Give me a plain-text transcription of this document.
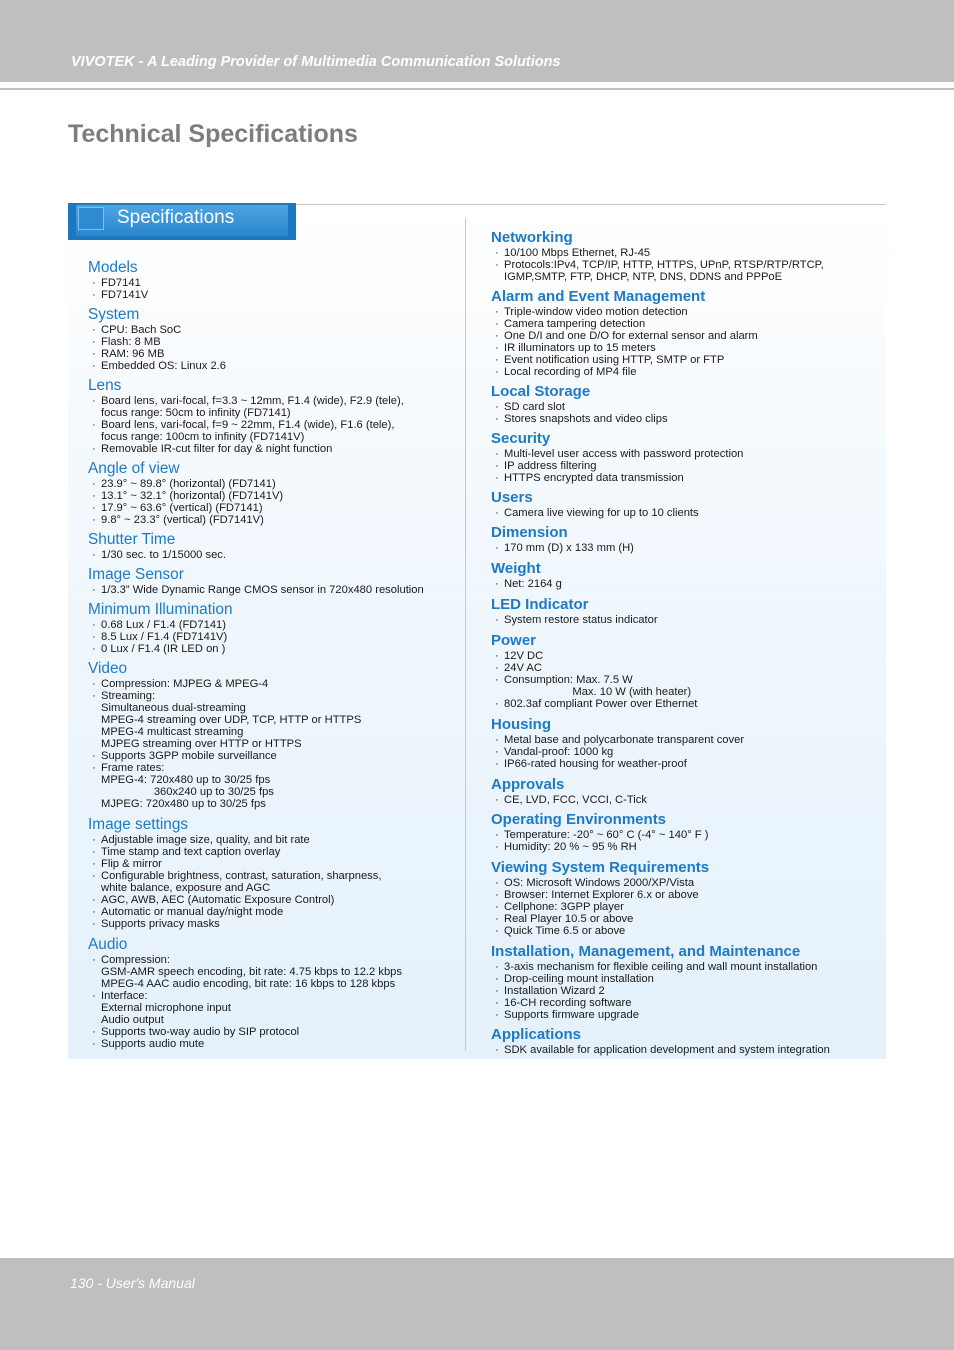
VIVOTEK - A Leading Provider of Multimedia Communication Solutions
Technical Specifications
Specifications
Models
· FD7141
· FD7141V
System
· CPU: Bach SoC
· Flash: 8 MB
· RAM: 96 MB
· Embedded OS: Linux 2.6
Lens
· Board lens, vari-focal, f=3.3 ~ 12mm, F1.4 (wide), F2.9 (tele),
focus range: 50cm to infinity (FD7141)
· Board lens, vari-focal, f=9 ~ 22mm, F1.4 (wide), F1.6 (tele),
focus range: 100cm to infinity (FD7141V)
· Removable IR-cut filter for day & night function
Angle of view
· 23.9° ~ 89.8° (horizontal) (FD7141)
· 13.1° ~ 32.1° (horizontal) (FD7141V)
· 17.9° ~ 63.6° (vertical) (FD7141)
· 9.8° ~ 23.3° (vertical) (FD7141V)
Shutter Time
· 1/30 sec. to 1/15000 sec.
Image Sensor
· 1/3.3” Wide Dynamic Range CMOS sensor in 720x480 resolution
Minimum Illumination
· 0.68 Lux / F1.4 (FD7141)
· 8.5 Lux / F1.4 (FD7141V)
· 0 Lux / F1.4 (IR LED on )
Video
· Compression: MJPEG & MPEG-4
· Streaming:
Simultaneous dual-streaming
MPEG-4 streaming over UDP, TCP, HTTP or HTTPS
MPEG-4 multicast streaming
MJPEG streaming over HTTP or HTTPS
· Supports 3GPP mobile surveillance
· Frame rates:
MPEG-4: 720x480 up to 30/25 fps
360x240 up to 30/25 fps
MJPEG: 720x480 up to 30/25 fps
Image settings
· Adjustable image size, quality, and bit rate
· Time stamp and text caption overlay
· Flip & mirror
· Configurable brightness, contrast, saturation, sharpness,
white balance, exposure and AGC
· AGC, AWB, AEC (Automatic Exposure Control)
· Automatic or manual day/night mode
· Supports privacy masks
Audio
· Compression:
GSM-AMR speech encoding, bit rate: 4.75 kbps to 12.2 kbps
MPEG-4 AAC audio encoding, bit rate: 16 kbps to 128 kbps
· Interface:
External microphone input
Audio output
· Supports two-way audio by SIP protocol
· Supports audio mute
Networking
· 10/100 Mbps Ethernet, RJ-45
· Protocols:IPv4, TCP/IP, HTTP, HTTPS, UPnP, RTSP/RTP/RTCP,
IGMP,SMTP, FTP, DHCP, NTP, DNS, DDNS and PPPoE
Alarm and Event Management
· Triple-window video motion detection
· Camera tampering detection
· One D/I and one D/O for external sensor and alarm
· IR illuminators up to 15 meters
· Event notification using HTTP, SMTP or FTP
· Local recording of MP4 file
Local Storage
· SD card slot
· Stores snapshots and video clips
Security
· Multi-level user access with password protection
· IP address filtering
· HTTPS encrypted data transmission
Users
· Camera live viewing for up to 10 clients
Dimension
· 170 mm (D) x 133 mm (H)
Weight
· Net: 2164 g
LED Indicator
· System restore status indicator
Power
· 12V DC
· 24V AC
· Consumption: Max. 7.5 W
Max. 10 W (with heater)
· 802.3af compliant Power over Ethernet
Housing
· Metal base and polycarbonate transparent cover
· Vandal-proof: 1000 kg
· IP66-rated housing for weather-proof
Approvals
· CE, LVD, FCC, VCCI, C-Tick
Operating Environments
· Temperature: -20° ~ 60° C (-4° ~ 140° F )
· Humidity: 20 % ~ 95 % RH
Viewing System Requirements
· OS: Microsoft Windows 2000/XP/Vista
· Browser: Internet Explorer 6.x or above
· Cellphone: 3GPP player
· Real Player 10.5 or above
· Quick Time 6.5 or above
Installation, Management, and Maintenance
· 3-axis mechanism for flexible ceiling and wall mount installation
· Drop-ceiling mount installation
· Installation Wizard 2
· 16-CH recording software
· Supports firmware upgrade
Applications
· SDK available for application development and system integration
130 - User's Manual
